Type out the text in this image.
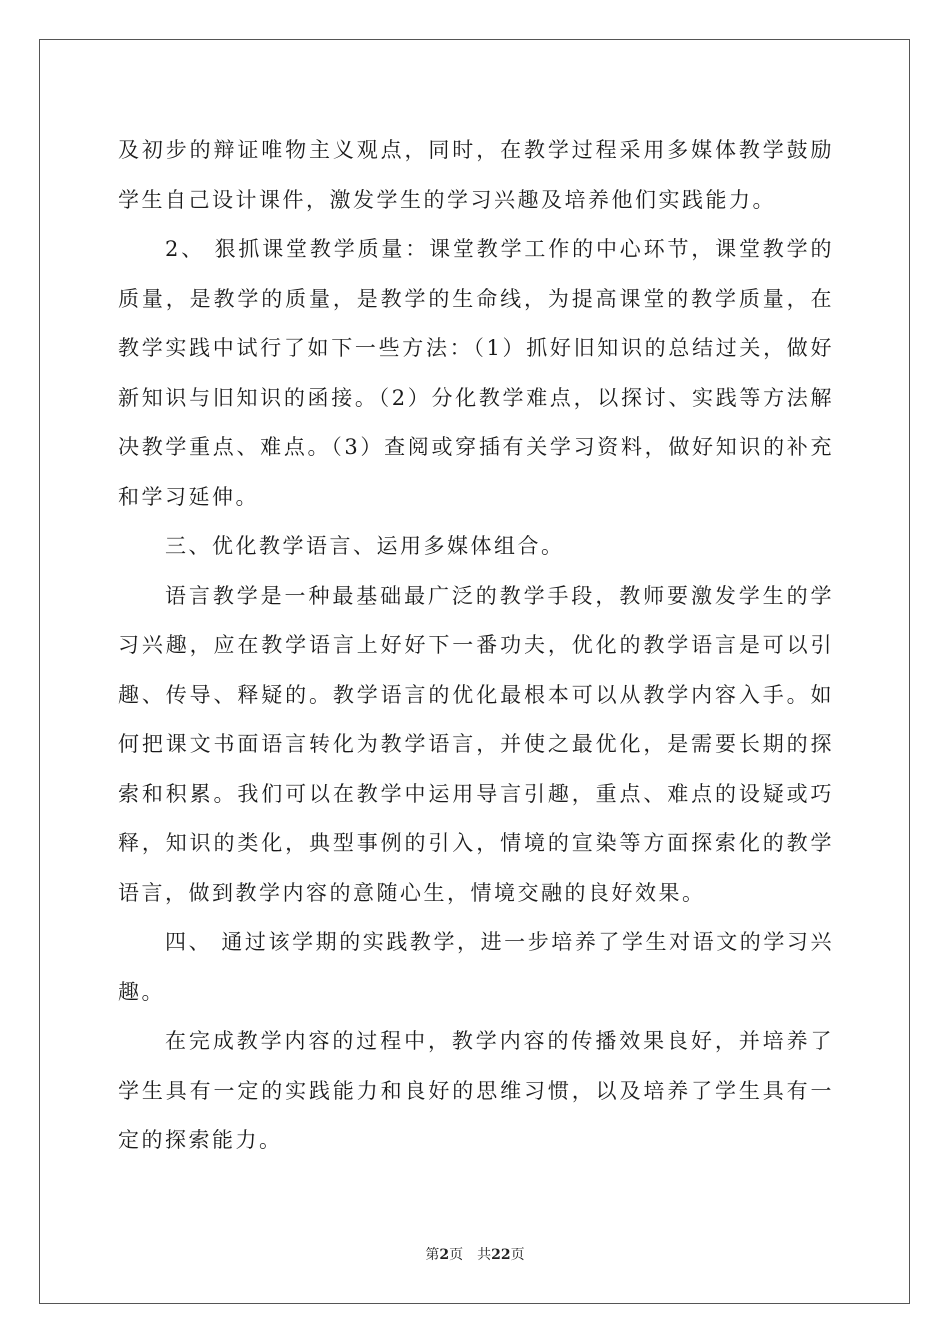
及初步的辩证唯物主义观点，同时，在教学过程采用多媒体教学鼓励学生自己设计课件，激发学生的学习兴趣及培养他们实践能力。

2、 狠抓课堂教学质量：课堂教学工作的中心环节，课堂教学的质量，是教学的质量，是教学的生命线，为提高课堂的教学质量，在教学实践中试行了如下一些方法：（1）抓好旧知识的总结过关，做好新知识与旧知识的函接。（2）分化教学难点，以探讨、实践等方法解决教学重点、难点。（3）查阅或穿插有关学习资料，做好知识的补充和学习延伸。

三、优化教学语言、运用多媒体组合。

语言教学是一种最基础最广泛的教学手段，教师要激发学生的学习兴趣，应在教学语言上好好下一番功夫，优化的教学语言是可以引趣、传导、释疑的。教学语言的优化最根本可以从教学内容入手。如何把课文书面语言转化为教学语言，并使之最优化，是需要长期的探索和积累。我们可以在教学中运用导言引趣，重点、难点的设疑或巧释，知识的类化，典型事例的引入，情境的宣染等方面探索化的教学语言，做到教学内容的意随心生，情境交融的良好效果。

四、 通过该学期的实践教学，进一步培养了学生对语文的学习兴趣。

在完成教学内容的过程中，教学内容的传播效果良好，并培养了学生具有一定的实践能力和良好的思维习惯，以及培养了学生具有一定的探索能力。

第2页 共22页
